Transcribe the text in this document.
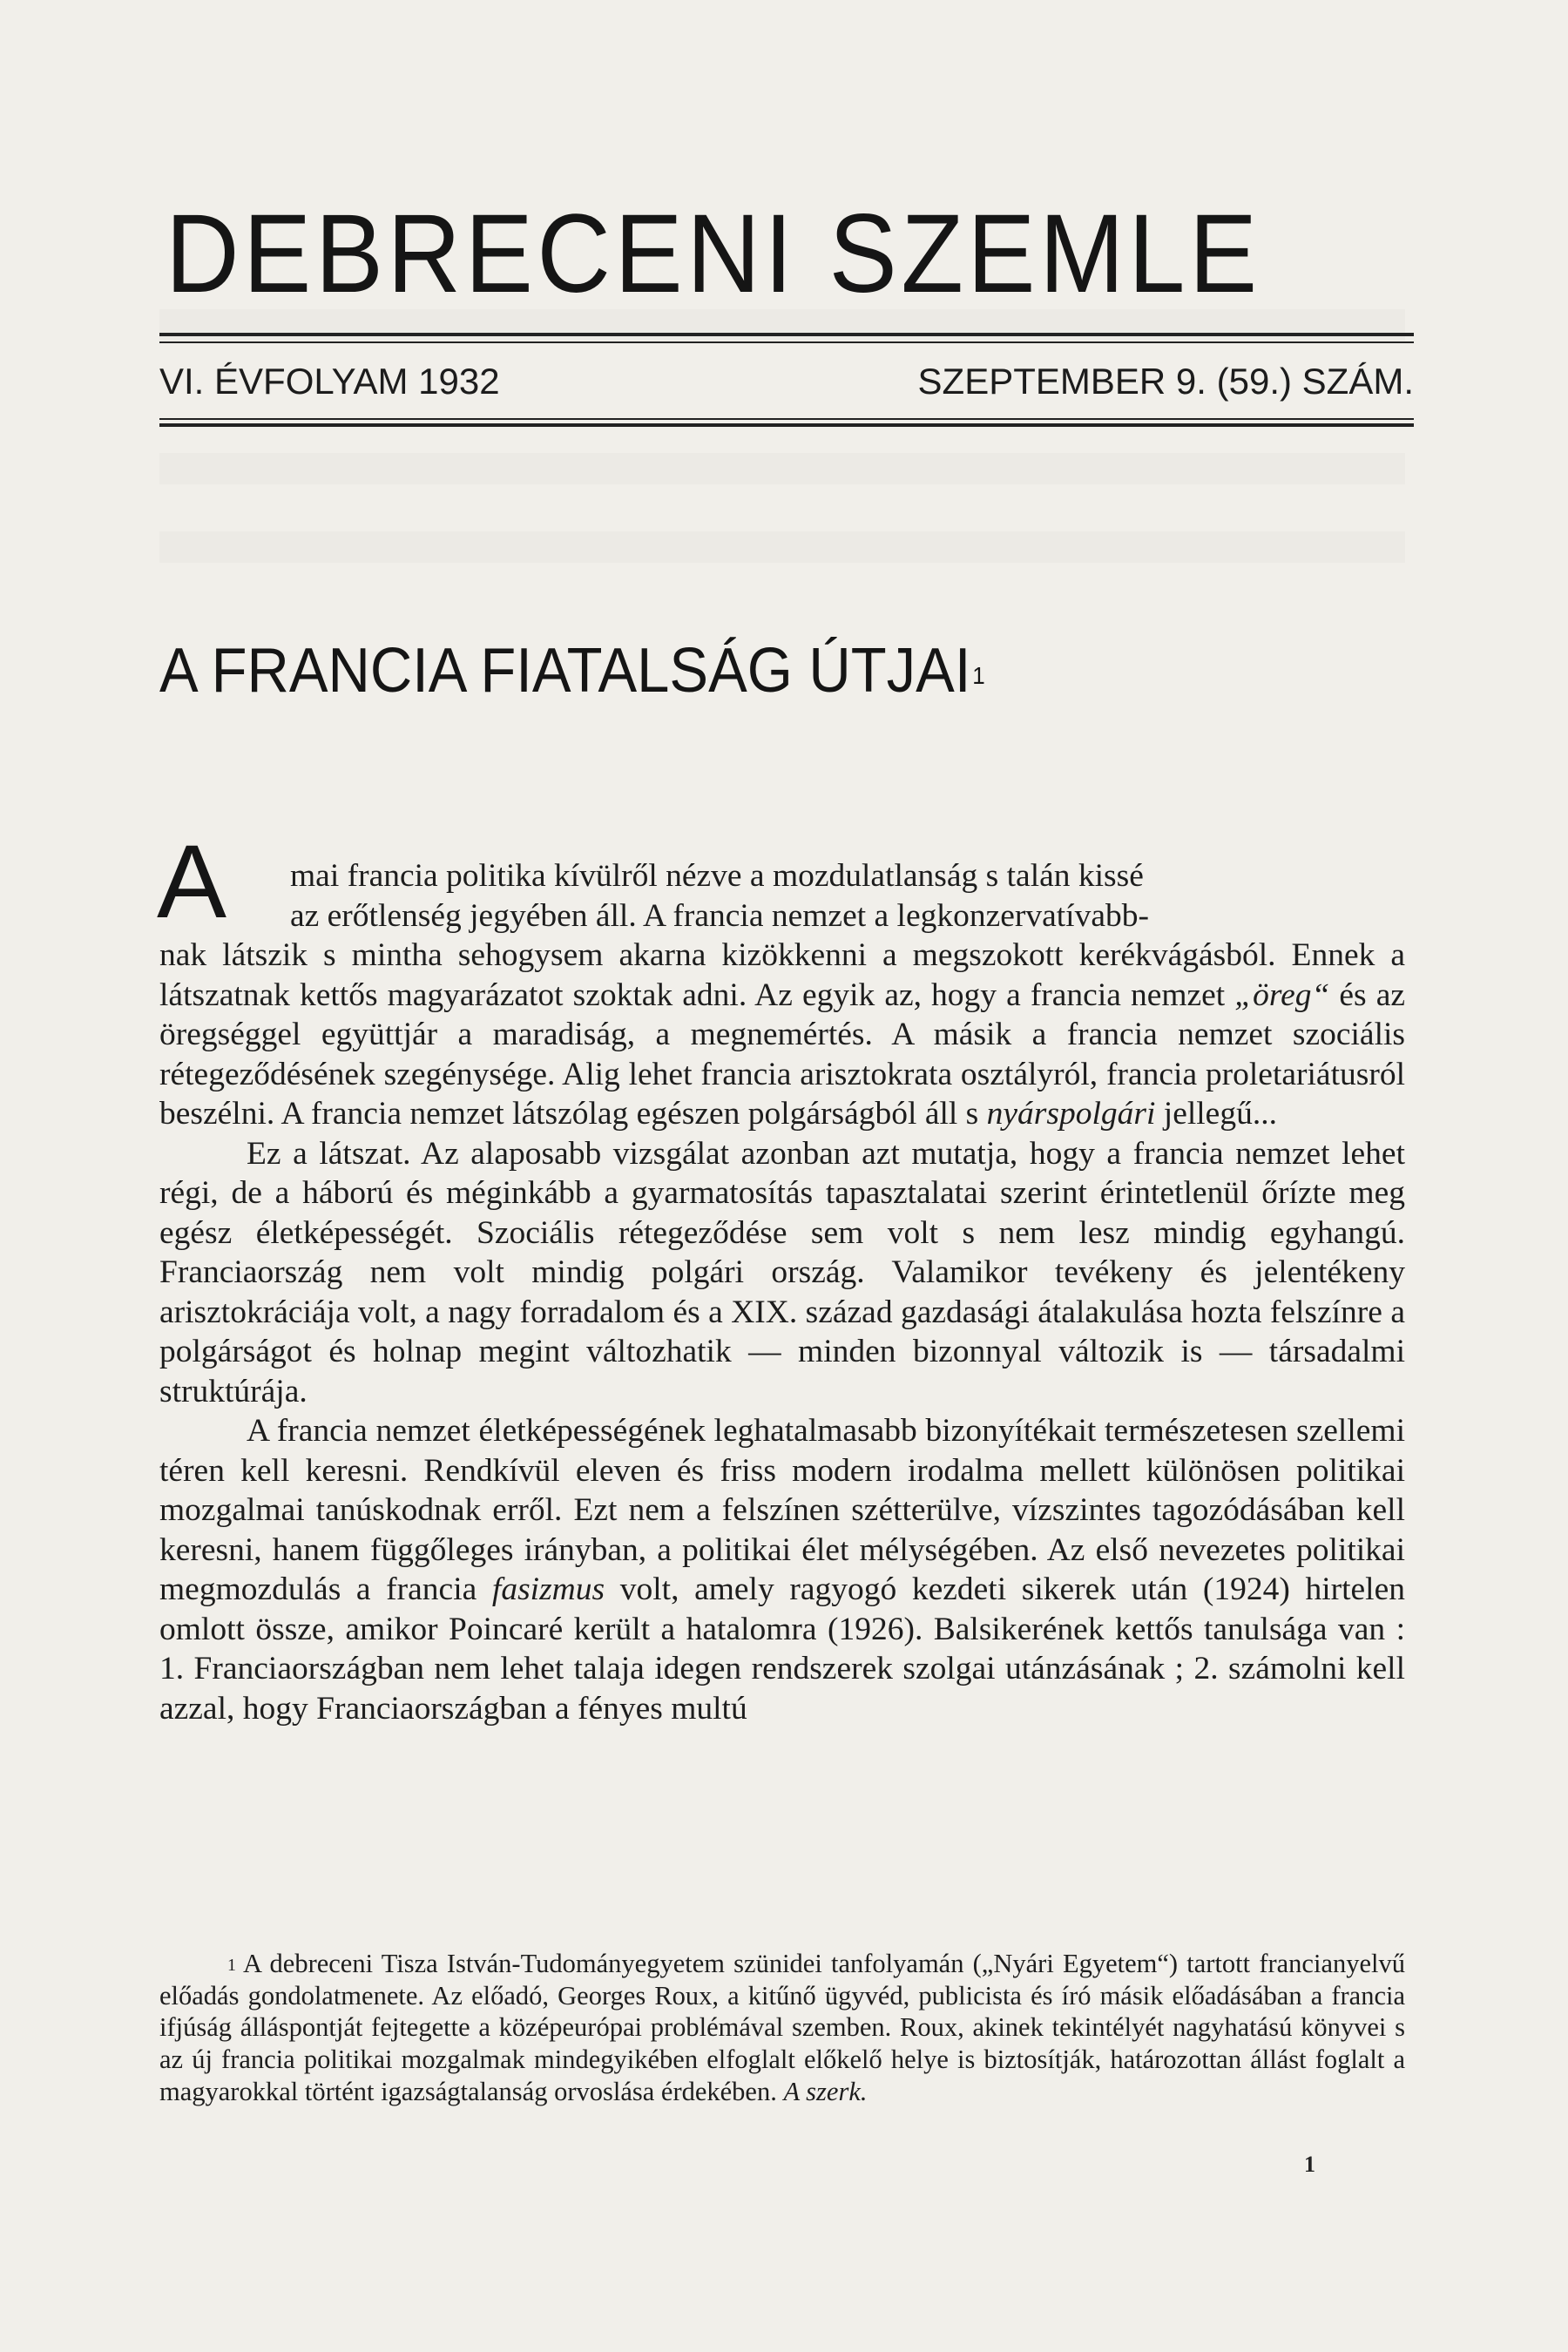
DEBRECENI SZEMLE
VI. ÉVFOLYAM 1932	SZEPTEMBER 9. (59.) SZÁM.
A FRANCIA FIATALSÁG ÚTJAI$^1$
A	mai francia politika kívülről nézve a mozdulatlanság s talán kissé
az erőtlenség jegyében áll. A francia nemzet a legkonzervatívabb-
nak látszik s mintha sehogysem akarna kizökkenni a megszokott kerékvágásból. Ennek a látszatnak kettős magyarázatot szoktak adni. Az egyik az, hogy a francia nemzet „öreg“ és az öregséggel együttjár a maradiság, a megnemértés. A másik a francia nemzet szociális rétegeződésének szegénysége. Alig lehet francia arisztokrata osztályról, francia proletariátusról beszélni. A francia nemzet látszólag egészen polgárságból áll s nyárspolgári jellegű...

Ez a látszat. Az alaposabb vizsgálat azonban azt mutatja, hogy a francia nemzet lehet régi, de a háború és méginkább a gyarmatosítás tapasztalatai szerint érintetlenül őrízte meg egész életképességét. Szociális rétegeződése sem volt s nem lesz mindig egyhangú. Franciaország nem volt mindig polgári ország. Valamikor tevékeny és jelentékeny arisztokráciája volt, a nagy forradalom és a XIX. század gazdasági átalakulása hozta felszínre a polgárságot és holnap megint változhatik — minden bizonnyal változik is — társadalmi struktúrája.

A francia nemzet életképességének leghatalmasabb bizonyítékait természetesen szellemi téren kell keresni. Rendkívül eleven és friss modern irodalma mellett különösen politikai mozgalmai tanúskodnak erről. Ezt nem a felszínen szétterülve, vízszintes tagozódásában kell keresni, hanem függőleges irányban, a politikai élet mélységében. Az első nevezetes politikai megmozdulás a francia fasizmus volt, amely ragyogó kezdeti sikerek után (1924) hirtelen omlott össze, amikor Poincaré került a hatalomra (1926). Balsikerének kettős tanulsága van : 1. Franciaországban nem lehet talaja idegen rendszerek szolgai utánzásának ; 2. számolni kell azzal, hogy Franciaországban a fényes multú

$^1$ A debreceni Tisza István-Tudományegyetem szünidei tanfolyamán („Nyári Egyetem“) tartott francianyelvű előadás gondolatmenete. Az előadó, Georges Roux, a kitűnő ügyvéd, publicista és író másik előadásában a francia ifjúság álláspontját fejtegette a középeurópai problémával szemben. Roux, akinek tekintélyét nagyhatású könyvei s az új francia politikai mozgalmak mindegyikében elfoglalt előkelő helye is biztosítják, határozottan állást foglalt a magyarokkal történt igazságtalanság orvoslása érdekében. A szerk.

1
